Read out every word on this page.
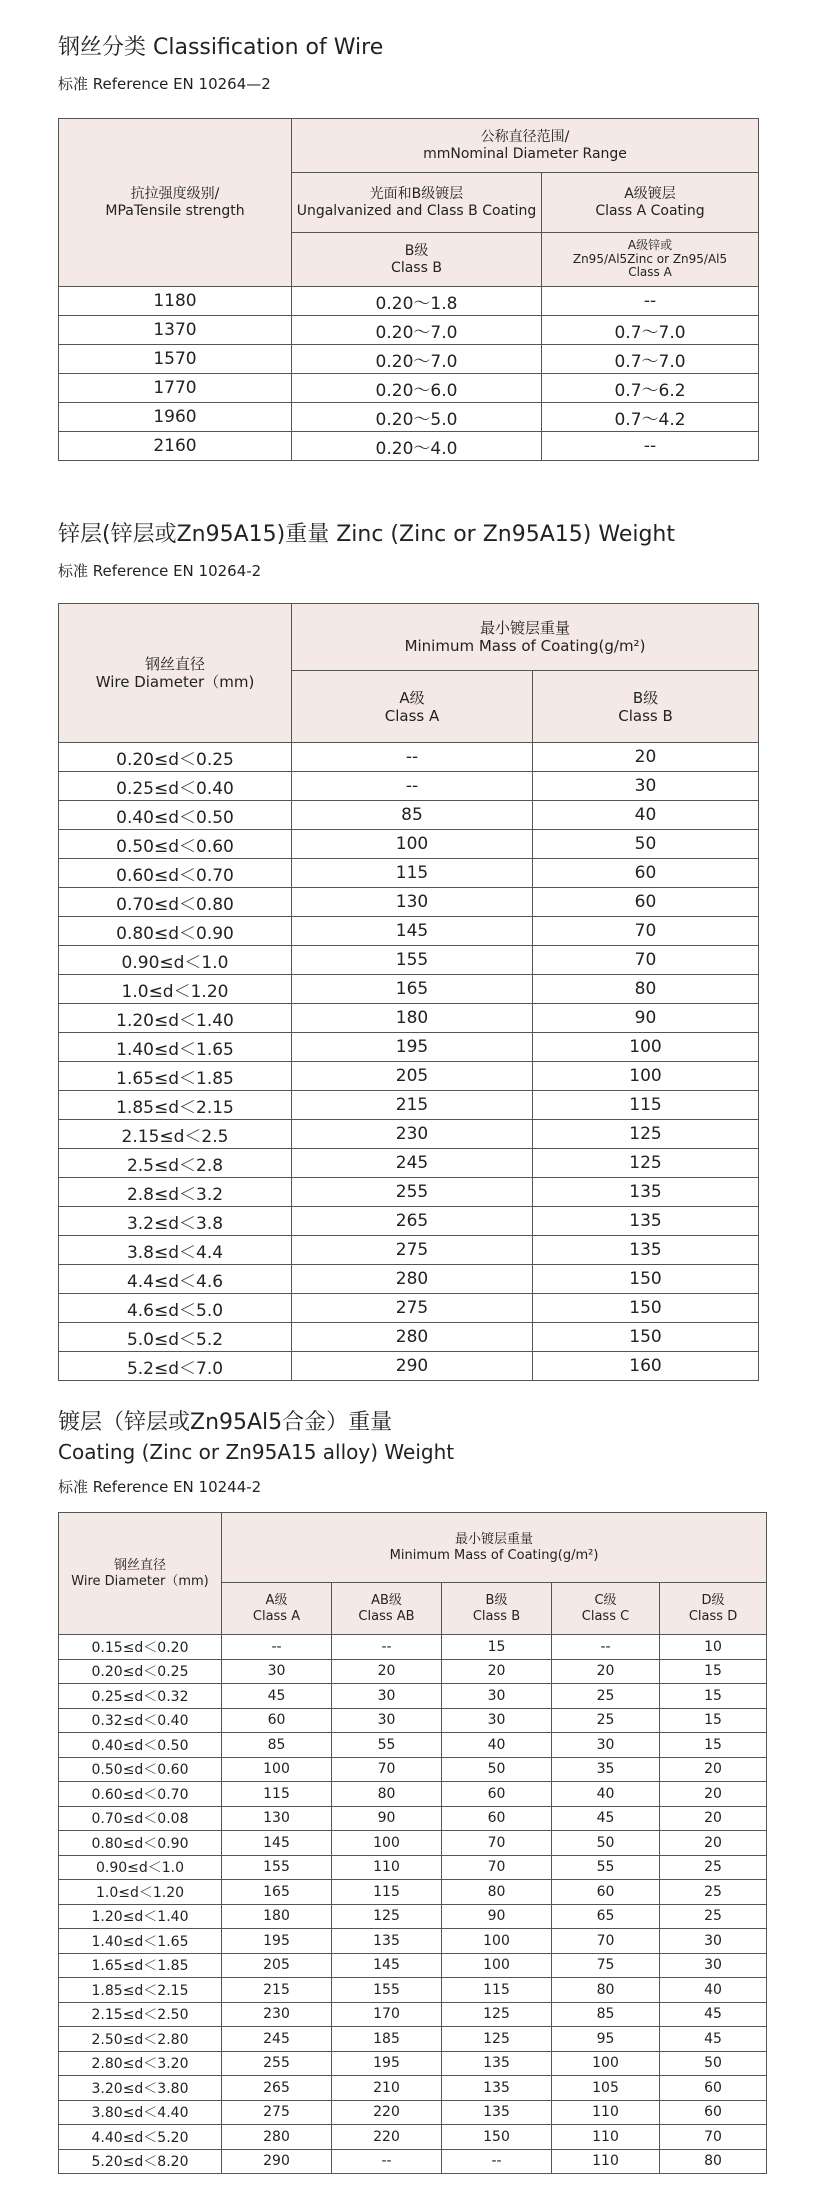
钢丝分类 Classification of Wire
标准 Reference EN 10264—2
抗拉强度级别/
MPaTensile strength	公称直径范围/
mmNominal Diameter Range	

	光面和B级镀层
Ungalvanized and Class B Coating	A级镀层
Class A Coating

	B级
Class B	A级锌或
Zn95/Al5Zinc or Zn95/Al5
Class A

1180	0.20～1.8	--
1370	0.20～7.0	0.7～7.0
1570	0.20～7.0	0.7～7.0
1770	0.20～6.0	0.7～6.2
1960	0.20～5.0	0.7～4.2
2160	0.20～4.0	--
锌层(锌层或Zn95A15)重量 Zinc (Zinc or Zn95A15) Weight
标准 Reference EN 10264-2
钢丝直径
Wire Diameter（mm)	最小镀层重量
Minimum Mass of Coating(g/m²)	

	A级
Class A	B级
Class B

0.20≤d＜0.25	--	20
0.25≤d＜0.40	--	30
0.40≤d＜0.50	85	40
0.50≤d＜0.60	100	50
0.60≤d＜0.70	115	60
0.70≤d＜0.80	130	60
0.80≤d＜0.90	145	70
0.90≤d＜1.0	155	70
1.0≤d＜1.20	165	80
1.20≤d＜1.40	180	90
1.40≤d＜1.65	195	100
1.65≤d＜1.85	205	100
1.85≤d＜2.15	215	115
2.15≤d＜2.5	230	125
2.5≤d＜2.8	245	125
2.8≤d＜3.2	255	135
3.2≤d＜3.8	265	135
3.8≤d＜4.4	275	135
4.4≤d＜4.6	280	150
4.6≤d＜5.0	275	150
5.0≤d＜5.2	280	150
5.2≤d＜7.0	290	160
镀层（锌层或Zn95Al5合金）重量
Coating (Zinc or Zn95A15 alloy) Weight
标准 Reference EN 10244-2
钢丝直径
Wire Diameter（mm)	最小镀层重量
Minimum Mass of Coating(g/m²)				

	A级
Class A	AB级
Class AB	B级
Class B	C级
Class C	D级
Class D

0.15≤d＜0.20	--	--	15	--	10
0.20≤d＜0.25	30	20	20	20	15
0.25≤d＜0.32	45	30	30	25	15
0.32≤d＜0.40	60	30	30	25	15
0.40≤d＜0.50	85	55	40	30	15
0.50≤d＜0.60	100	70	50	35	20
0.60≤d＜0.70	115	80	60	40	20
0.70≤d＜0.08	130	90	60	45	20
0.80≤d＜0.90	145	100	70	50	20
0.90≤d＜1.0	155	110	70	55	25
1.0≤d＜1.20	165	115	80	60	25
1.20≤d＜1.40	180	125	90	65	25
1.40≤d＜1.65	195	135	100	70	30
1.65≤d＜1.85	205	145	100	75	30
1.85≤d＜2.15	215	155	115	80	40
2.15≤d＜2.50	230	170	125	85	45
2.50≤d＜2.80	245	185	125	95	45
2.80≤d＜3.20	255	195	135	100	50
3.20≤d＜3.80	265	210	135	105	60
3.80≤d＜4.40	275	220	135	110	60
4.40≤d＜5.20	280	220	150	110	70
5.20≤d＜8.20	290	--	--	110	80
